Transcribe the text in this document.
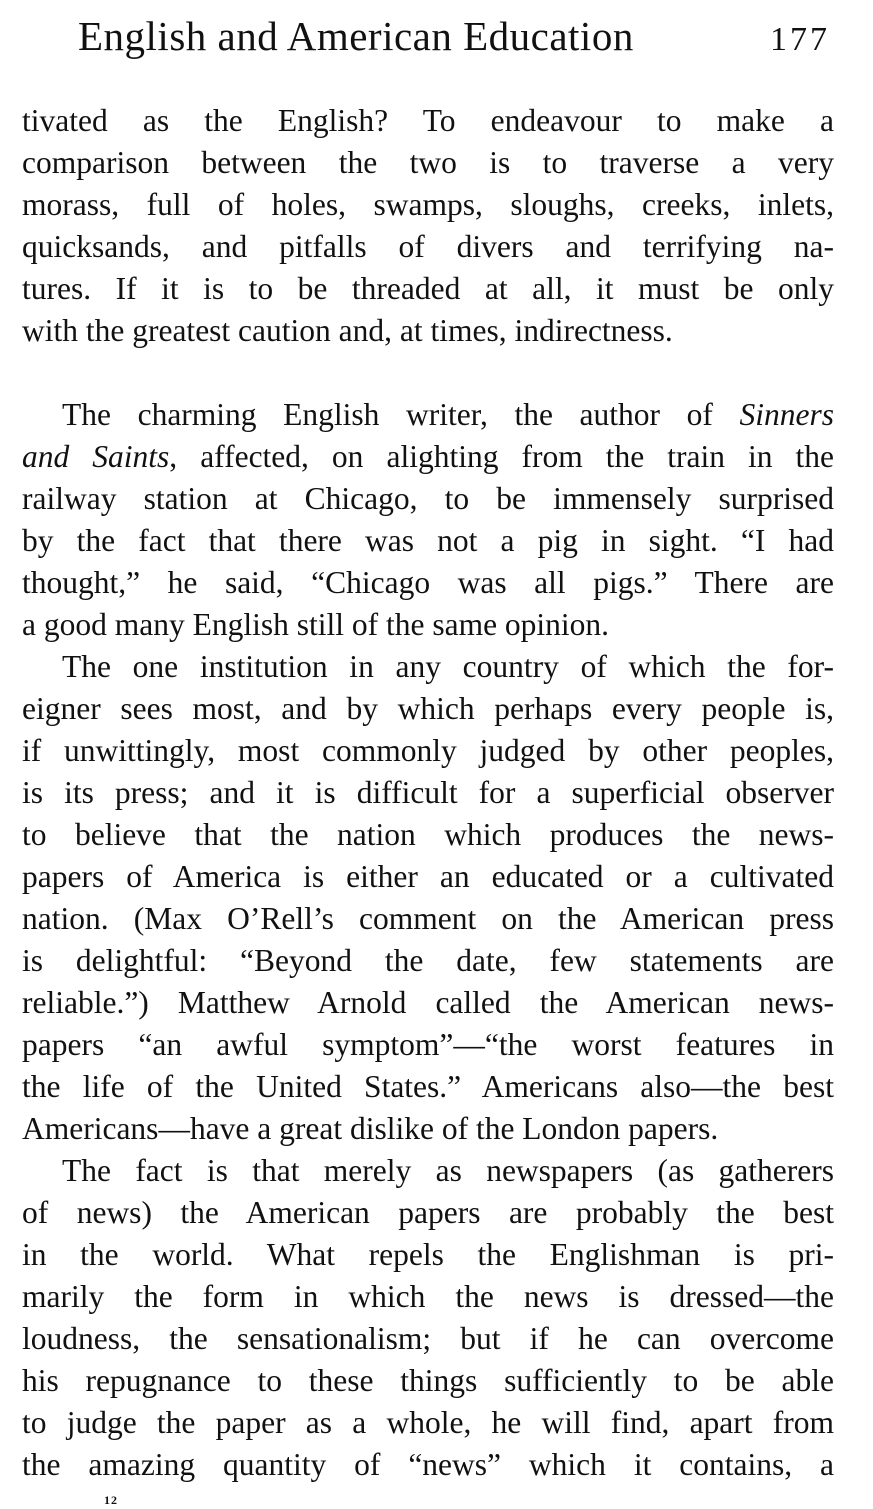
English and American Education	177
tivated as the English? To endeavour to make a
comparison between the two is to traverse a very
morass, full of holes, swamps, sloughs, creeks, inlets,
quicksands, and pitfalls of divers and terrifying na-
tures. If it is to be threaded at all, it must be only
with the greatest caution and, at times, indirectness.
The charming English writer, the author of Sinners
and Saints, affected, on alighting from the train in the
railway station at Chicago, to be immensely surprised
by the fact that there was not a pig in sight. “I had
thought,” he said, “Chicago was all pigs.” There are
a good many English still of the same opinion.
The one institution in any country of which the for-
eigner sees most, and by which perhaps every people is,
if unwittingly, most commonly judged by other peoples,
is its press; and it is difficult for a superficial observer
to believe that the nation which produces the news-
papers of America is either an educated or a cultivated
nation. (Max O’Rell’s comment on the American press
is delightful: “Beyond the date, few statements are
reliable.”) Matthew Arnold called the American news-
papers “an awful symptom”—“the worst features in
the life of the United States.” Americans also—the best
Americans—have a great dislike of the London papers.
The fact is that merely as newspapers (as gatherers
of news) the American papers are probably the best
in the world. What repels the Englishman is pri-
marily the form in which the news is dressed—the
loudness, the sensationalism; but if he can overcome
his repugnance to these things sufficiently to be able
to judge the paper as a whole, he will find, apart from
the amazing quantity of “news” which it contains, a
12
